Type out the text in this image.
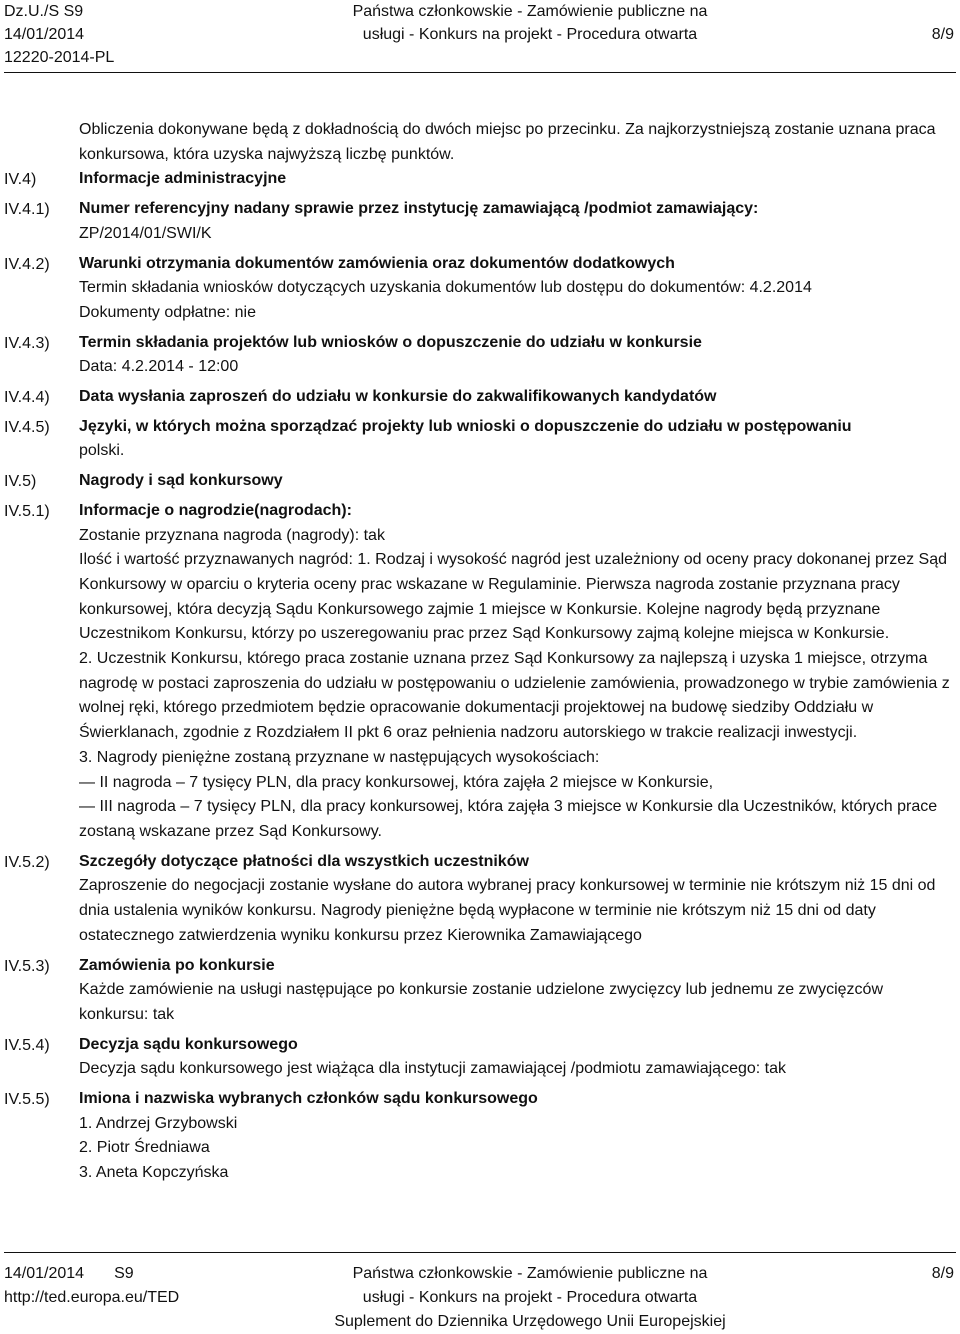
Dz.U./S S9
14/01/2014
12220-2014-PL
Państwa członkowskie - Zamówienie publiczne na
usługi - Konkurs na projekt - Procedura otwarta	8/9
Obliczenia dokonywane będą z dokładnością do dwóch miejsc po przecinku. Za najkorzystniejszą zostanie uznana praca konkursowa, która uzyska najwyższą liczbę punktów.
IV.4)	Informacje administracyjne
IV.4.1)	Numer referencyjny nadany sprawie przez instytucję zamawiającą /podmiot zamawiający:
ZP/2014/01/SWI/K
IV.4.2)	Warunki otrzymania dokumentów zamówienia oraz dokumentów dodatkowych
Termin składania wniosków dotyczących uzyskania dokumentów lub dostępu do dokumentów: 4.2.2014
Dokumenty odpłatne: nie
IV.4.3)	Termin składania projektów lub wniosków o dopuszczenie do udziału w konkursie
Data: 4.2.2014 - 12:00
IV.4.4)	Data wysłania zaproszeń do udziału w konkursie do zakwalifikowanych kandydatów
IV.4.5)	Języki, w których można sporządzać projekty lub wnioski o dopuszczenie do udziału w postępowaniu
polski.
IV.5)	Nagrody i sąd konkursowy
IV.5.1)	Informacje o nagrodzie(nagrodach):
Zostanie przyznana nagroda (nagrody): tak
Ilość i wartość przyznawanych nagród: 1. Rodzaj i wysokość nagród jest uzależniony od oceny pracy dokonanej przez Sąd Konkursowy w oparciu o kryteria oceny prac wskazane w Regulaminie. Pierwsza nagroda zostanie przyznana pracy konkursowej, która decyzją Sądu Konkursowego zajmie 1 miejsce w Konkursie. Kolejne nagrody będą przyznane Uczestnikom Konkursu, którzy po uszeregowaniu prac przez Sąd Konkursowy zajmą kolejne miejsca w Konkursie.
2. Uczestnik Konkursu, którego praca zostanie uznana przez Sąd Konkursowy za najlepszą i uzyska 1 miejsce, otrzyma nagrodę w postaci zaproszenia do udziału w postępowaniu o udzielenie zamówienia, prowadzonego w trybie zamówienia z wolnej ręki, którego przedmiotem będzie opracowanie dokumentacji projektowej na budowę siedziby Oddziału w Świerklanach, zgodnie z Rozdziałem II pkt 6 oraz pełnienia nadzoru autorskiego w trakcie realizacji inwestycji.
3. Nagrody pieniężne zostaną przyznane w następujących wysokościach:
— II nagroda – 7 tysięcy PLN, dla pracy konkursowej, która zajęła 2 miejsce w Konkursie,
— III nagroda – 7 tysięcy PLN, dla pracy konkursowej, która zajęła 3 miejsce w Konkursie dla Uczestników, których prace zostaną wskazane przez Sąd Konkursowy.
IV.5.2)	Szczegóły dotyczące płatności dla wszystkich uczestników
Zaproszenie do negocjacji zostanie wysłane do autora wybranej pracy konkursowej w terminie nie krótszym niż 15 dni od dnia ustalenia wyników konkursu. Nagrody pieniężne będą wypłacone w terminie nie krótszym niż 15 dni od daty ostatecznego zatwierdzenia wyniku konkursu przez Kierownika Zamawiającego
IV.5.3)	Zamówienia po konkursie
Każde zamówienie na usługi następujące po konkursie zostanie udzielone zwycięzcy lub jednemu ze zwycięzców konkursu: tak
IV.5.4)	Decyzja sądu konkursowego
Decyzja sądu konkursowego jest wiążąca dla instytucji zamawiającej /podmiotu zamawiającego: tak
IV.5.5)	Imiona i nazwiska wybranych członków sądu konkursowego
1. Andrzej Grzybowski
2. Piotr Średniawa
3. Aneta Kopczyńska
14/01/2014 S9
http://ted.europa.eu/TED
Państwa członkowskie - Zamówienie publiczne na
usługi - Konkurs na projekt - Procedura otwarta
Suplement do Dziennika Urzędowego Unii Europejskiej
8/9
